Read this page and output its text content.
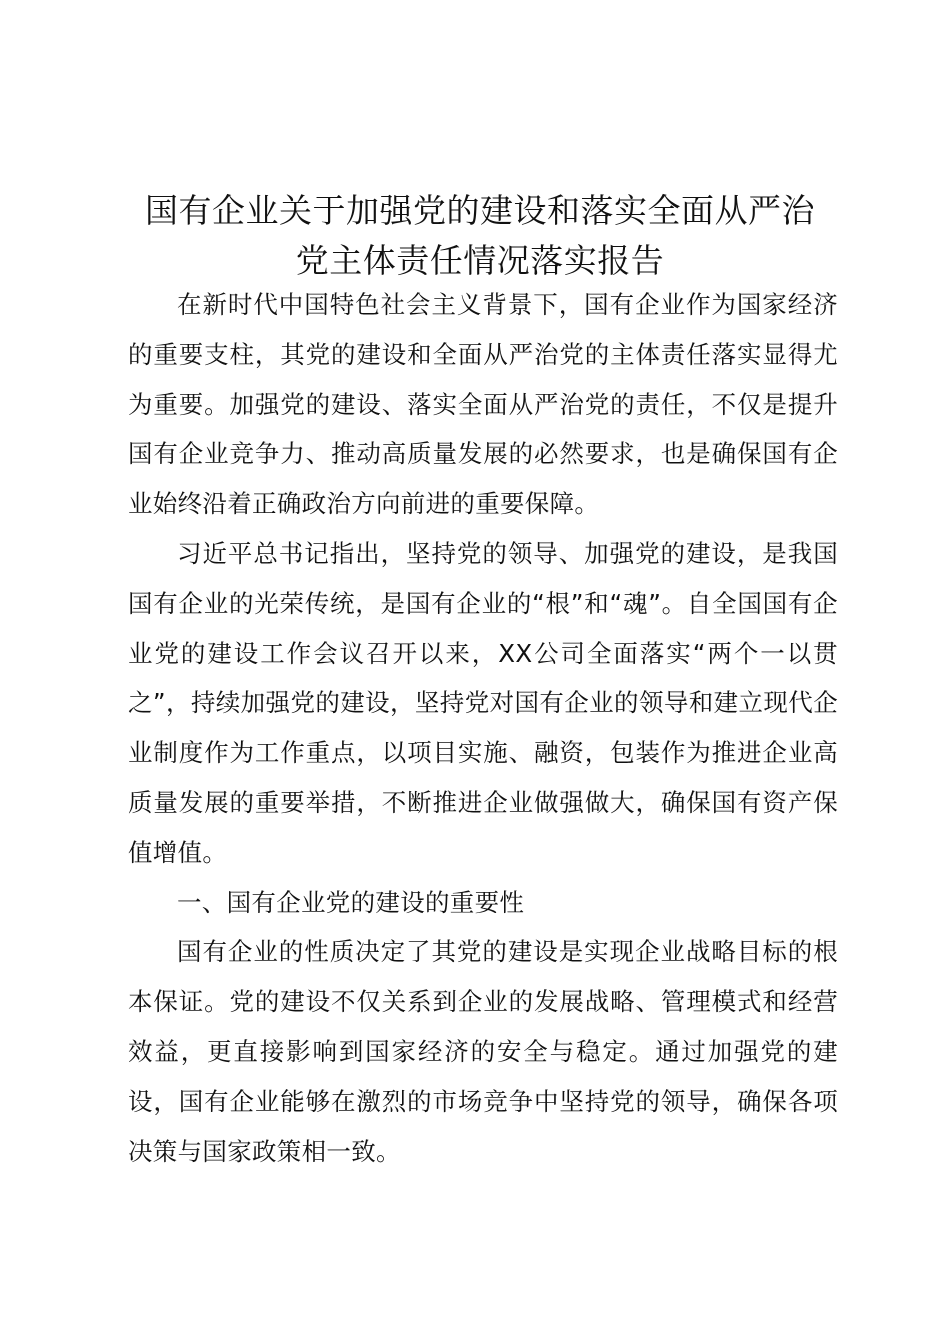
国有企业关于加强党的建设和落实全面从严治
党主体责任情况落实报告

在新时代中国特色社会主义背景下，国有企业作为国家经济的重要支柱，其党的建设和全面从严治党的主体责任落实显得尤为重要。加强党的建设、落实全面从严治党的责任，不仅是提升国有企业竞争力、推动高质量发展的必然要求，也是确保国有企业始终沿着正确政治方向前进的重要保障。

习近平总书记指出，坚持党的领导、加强党的建设，是我国国有企业的光荣传统，是国有企业的“根”和“魂”。自全国国有企业党的建设工作会议召开以来，XX公司全面落实“两个一以贯之”，持续加强党的建设，坚持党对国有企业的领导和建立现代企业制度作为工作重点，以项目实施、融资，包装作为推进企业高质量发展的重要举措，不断推进企业做强做大，确保国有资产保值增值。

一、国有企业党的建设的重要性

国有企业的性质决定了其党的建设是实现企业战略目标的根本保证。党的建设不仅关系到企业的发展战略、管理模式和经营效益，更直接影响到国家经济的安全与稳定。通过加强党的建设，国有企业能够在激烈的市场竞争中坚持党的领导，确保各项决策与国家政策相一致。
